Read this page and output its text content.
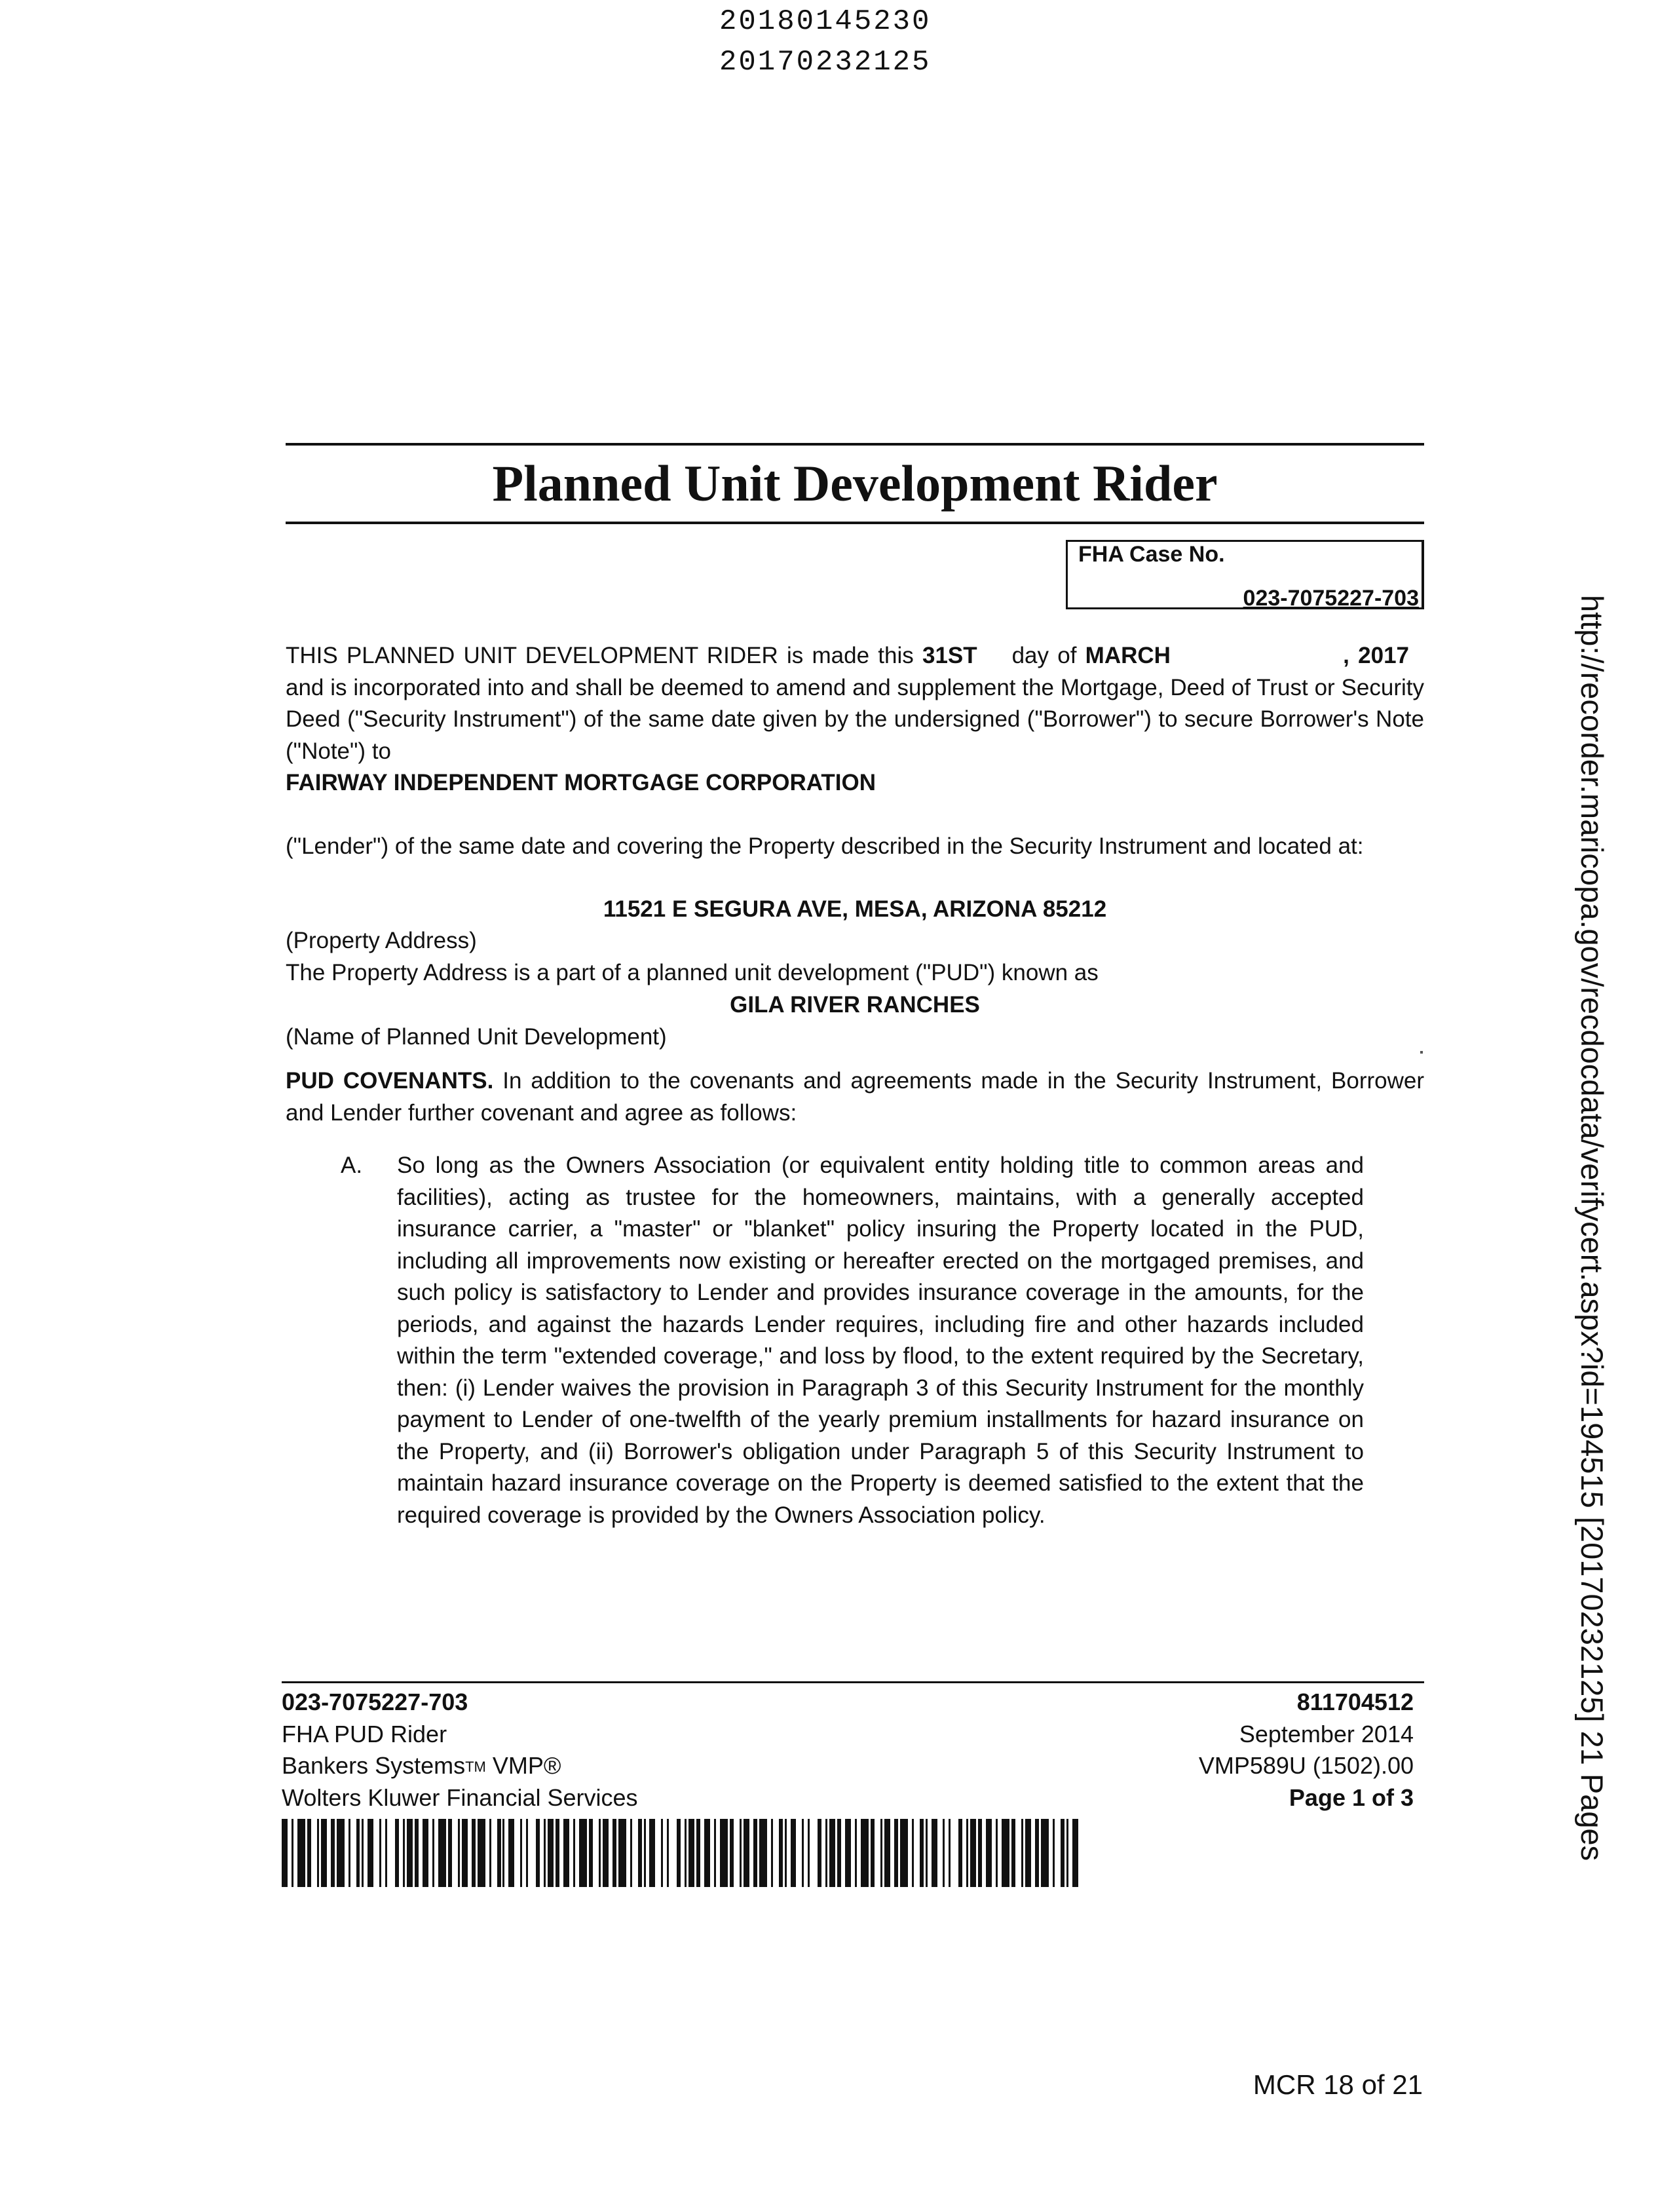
20180145230
20170232125
Planned Unit Development Rider
FHA Case No.
023-7075227-703
THIS PLANNED UNIT DEVELOPMENT RIDER is made this 31ST day of MARCH	, 2017   and is incorporated into and shall be deemed to amend and supplement the Mortgage, Deed of Trust or Security Deed ("Security Instrument") of the same date given by the undersigned ("Borrower") to secure Borrower's Note ("Note") to
FAIRWAY INDEPENDENT MORTGAGE CORPORATION
("Lender") of the same date and covering the Property described in the Security Instrument and located at:
11521 E SEGURA AVE, MESA, ARIZONA 85212
(Property Address)
The Property Address is a part of a planned unit development ("PUD") known as
GILA RIVER RANCHES
(Name of Planned Unit Development)
PUD COVENANTS. In addition to the covenants and agreements made in the Security Instrument, Borrower and Lender further covenant and agree as follows:
A. So long as the Owners Association (or equivalent entity holding title to common areas and facilities), acting as trustee for the homeowners, maintains, with a generally accepted insurance carrier, a "master" or "blanket" policy insuring the Property located in the PUD, including all improvements now existing or hereafter erected on the mortgaged premises, and such policy is satisfactory to Lender and provides insurance coverage in the amounts, for the periods, and against the hazards Lender requires, including fire and other hazards included within the term "extended coverage," and loss by flood, to the extent required by the Secretary, then: (i) Lender waives the provision in Paragraph 3 of this Security Instrument for the monthly payment to Lender of one-twelfth of the yearly premium installments for hazard insurance on the Property, and (ii) Borrower's obligation under Paragraph 5 of this Security Instrument to maintain hazard insurance coverage on the Property is deemed satisfied to the extent that the required coverage is provided by the Owners Association policy.	http://recorder.maricopa.gov/recdocdata/verifycert.aspx?id=194515 [20170232125] 21 Pages
023-7075227-703
FHA PUD Rider
Bankers Systems™ VMP®
Wolters Kluwer Financial Services
811704512
September 2014
VMP589U (1502).00
Page 1 of 3
MCR 18 of 21
